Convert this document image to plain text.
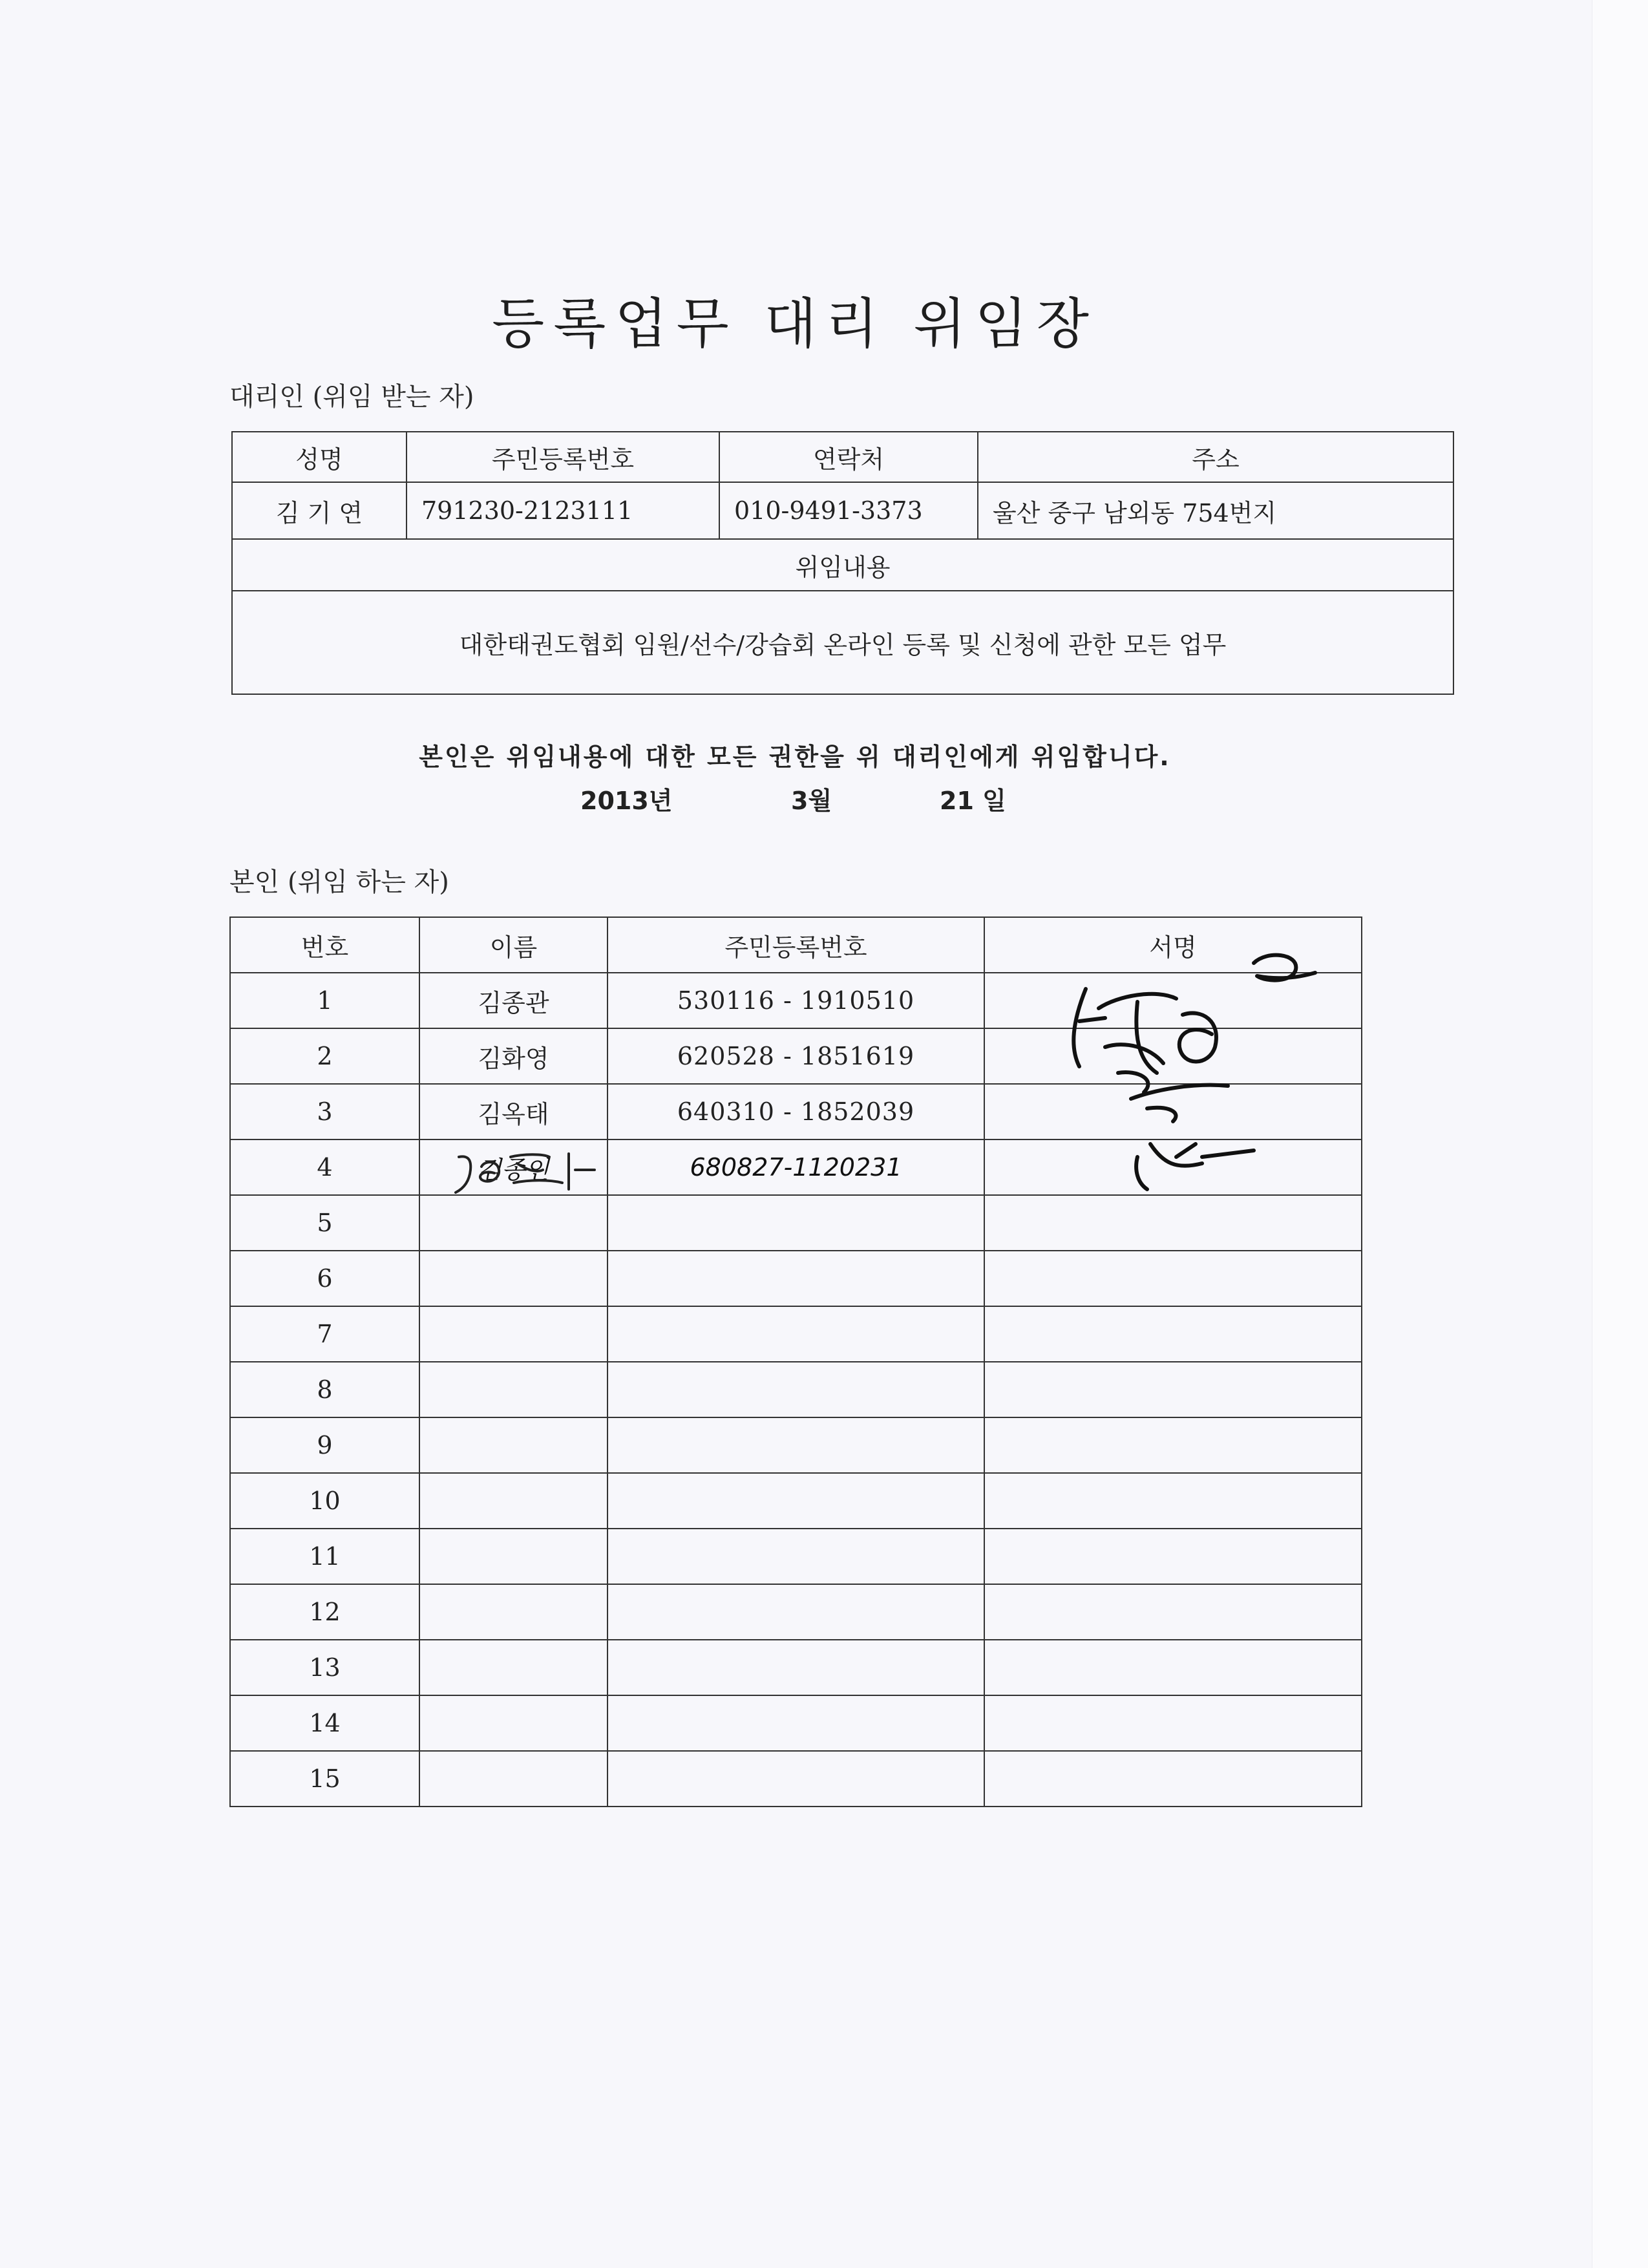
등록업무 대리 위임장
대리인 (위임 받는 자)
성명	주민등록번호	연락처	주소
김 기 연	791230-2123111	010-9491-3373	울산 중구 남외동 754번지
위임내용			
대한태권도협회 임원/선수/강습회 온라인 등록 및 신청에 관한 모든 업무			
본인은 위임내용에 대한 모든 권한을 위 대리인에게 위임합니다.
2013년	3월	21 일
본인 (위임 하는 자)
번호	이름	주민등록번호	서명
1	김종관	530116 - 1910510	
2	김화영	620528 - 1851619	
3	김옥태	640310 - 1852039	
4	김종인	680827-1120231	
5			
6			
7			
8			
9			
10			
11			
12			
13			
14			
15			
